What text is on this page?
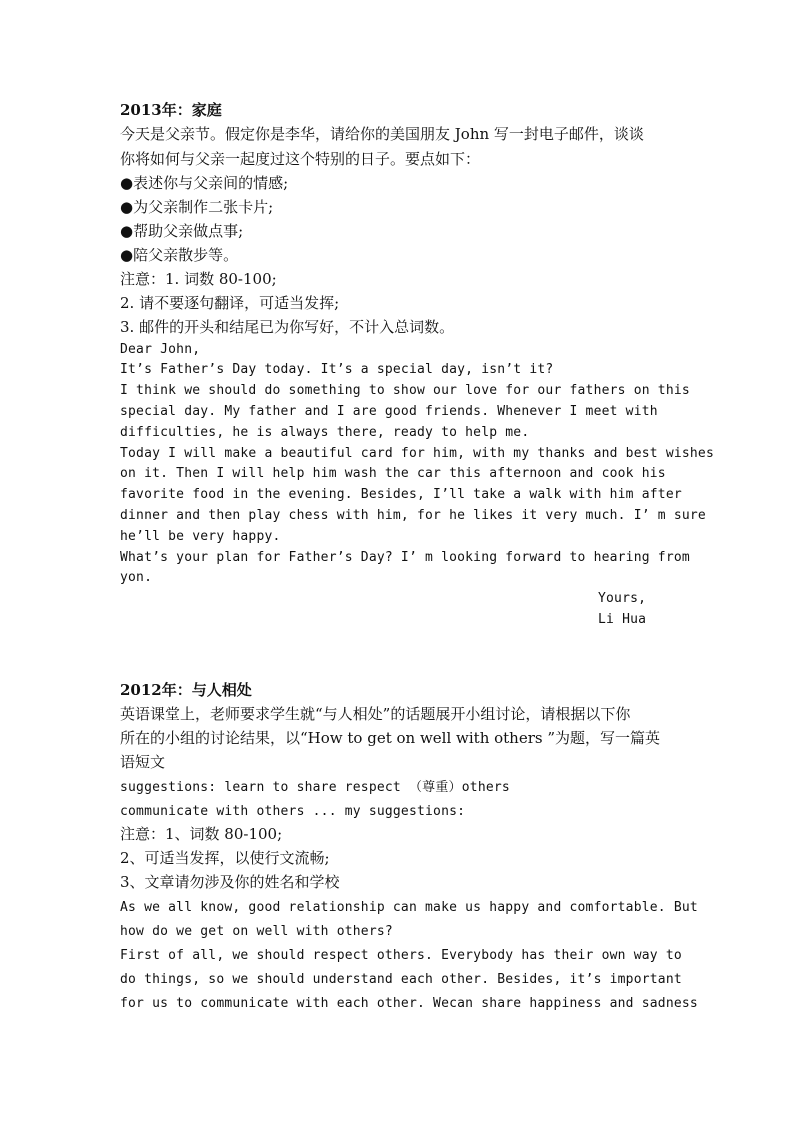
2013年：家庭
今天是父亲节。假定你是李华，请给你的美国朋友 John 写一封电子邮件，谈谈
你将如何与父亲一起度过这个特别的日子。要点如下：
●表述你与父亲间的情感;
●为父亲制作二张卡片;
●帮助父亲做点事;
●陪父亲散步等。
注意：1. 词数 80-100;
2. 请不要逐句翻译，可适当发挥;
3. 邮件的开头和结尾已为你写好，不计入总词数。
Dear John,
It’s Father’s Day today. It’s a special day, isn’t it?
I think we should do something to show our love for our fathers on this
special day. My father and I are good friends. Whenever I meet with
difficulties, he is always there, ready to help me.
Today I will make a beautiful card for him, with my thanks and best wishes
on it. Then I will help him wash the car this afternoon and cook his
favorite food in the evening. Besides, I’ll take a walk with him after
dinner and then play chess with him, for he likes it very much. I’ m sure
he’ll be very happy.
What’s your plan for Father’s Day? I’ m looking forward to hearing from
yon.
Yours,
Li Hua
2012年：与人相处
英语课堂上，老师要求学生就“与人相处”的话题展开小组讨论，请根据以下你
所在的小组的讨论结果，以“How to get on well with others ”为题，写一篇英
语短文
suggestions: learn to share respect （尊重）others
communicate with others ... my suggestions:
注意：1、词数 80-100;
2、可适当发挥，以使行文流畅;
3、文章请勿涉及你的姓名和学校
As we all know, good relationship can make us happy and comfortable. But
how do we get on well with others?
First of all, we should respect others. Everybody has their own way to
do things, so we should understand each other. Besides, it’s important
for us to communicate with each other. Wecan share happiness and sadness
